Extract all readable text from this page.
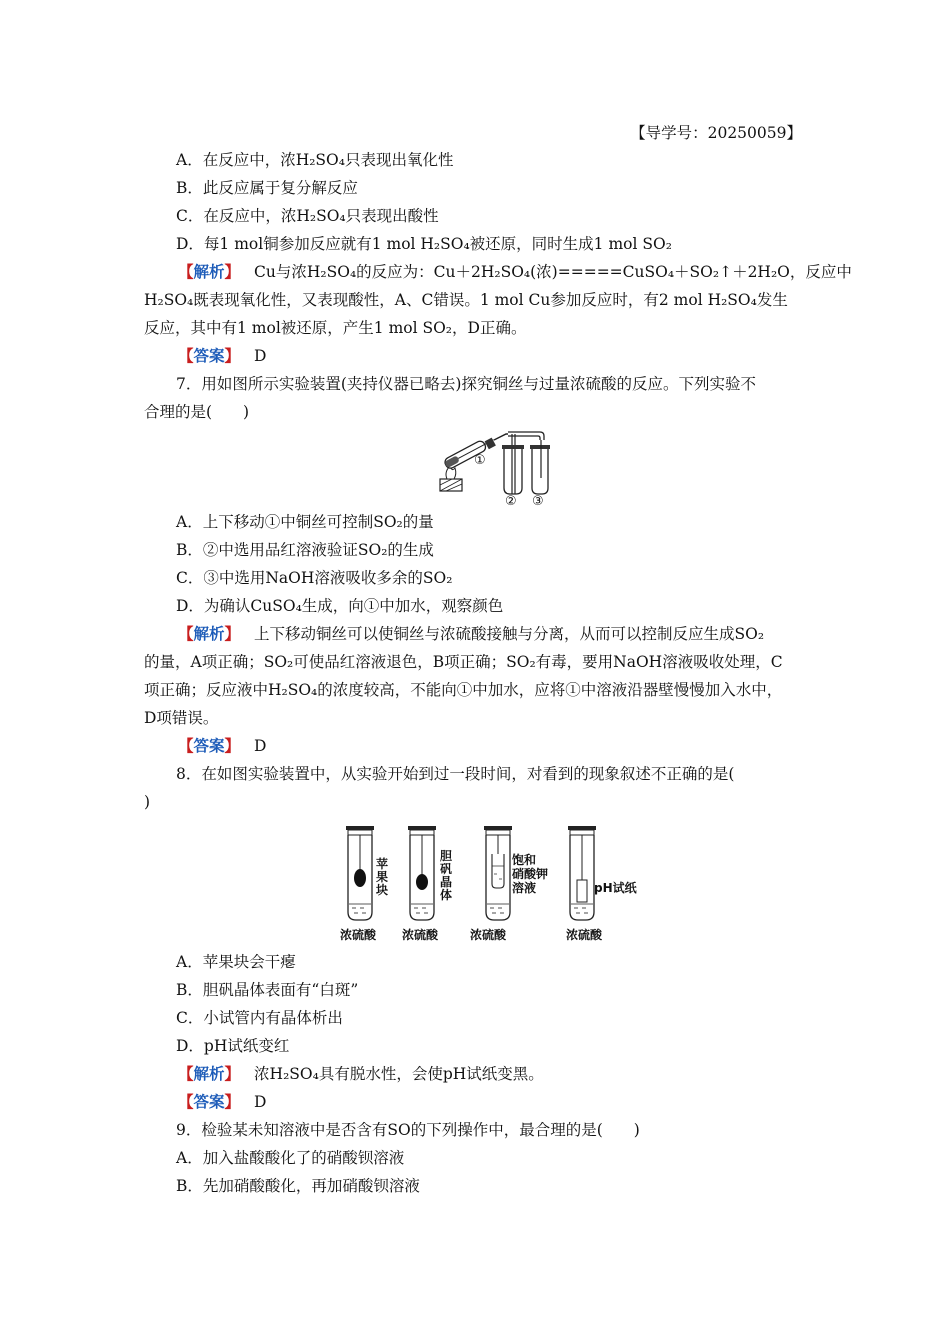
【导学号：20250059】
A．在反应中，浓H₂SO₄只表现出氧化性
B．此反应属于复分解反应
C．在反应中，浓H₂SO₄只表现出酸性
D．每1 mol铜参加反应就有1 mol H₂SO₄被还原，同时生成1 mol SO₂
【解析】 Cu与浓H₂SO₄的反应为：Cu＋2H₂SO₄(浓)=====CuSO₄＋SO₂↑＋2H₂O，反应中
H₂SO₄既表现氧化性，又表现酸性，A、C错误。1 mol Cu参加反应时，有2 mol H₂SO₄发生
反应，其中有1 mol被还原，产生1 mol SO₂，D正确。
【答案】 D
7．用如图所示实验装置(夹持仪器已略去)探究铜丝与过量浓硫酸的反应。下列实验不
合理的是(　　)
①
② ③
A．上下移动①中铜丝可控制SO₂的量
B．②中选用品红溶液验证SO₂的生成
C．③中选用NaOH溶液吸收多余的SO₂
D．为确认CuSO₄生成，向①中加水，观察颜色
【解析】 上下移动铜丝可以使铜丝与浓硫酸接触与分离，从而可以控制反应生成SO₂
的量，A项正确；SO₂可使品红溶液退色，B项正确；SO₂有毒，要用NaOH溶液吸收处理，C
项正确；反应液中H₂SO₄的浓度较高，不能向①中加水，应将①中溶液沿器壁慢慢加入水中，
D项错误。
【答案】 D
8．在如图实验装置中，从实验开始到过一段时间，对看到的现象叙述不正确的是(
)
苹
果
块
胆
矾
晶
体
饱和
硝酸钾
溶液	pH试纸
浓硫酸 浓硫酸	浓硫酸	浓硫酸
A．苹果块会干瘪
B．胆矾晶体表面有“白斑”
C．小试管内有晶体析出
D．pH试纸变红
【解析】 浓H₂SO₄具有脱水性，会使pH试纸变黑。
【答案】 D
9．检验某未知溶液中是否含有SO的下列操作中，最合理的是(　　)
A．加入盐酸酸化了的硝酸钡溶液
B．先加硝酸酸化，再加硝酸钡溶液
